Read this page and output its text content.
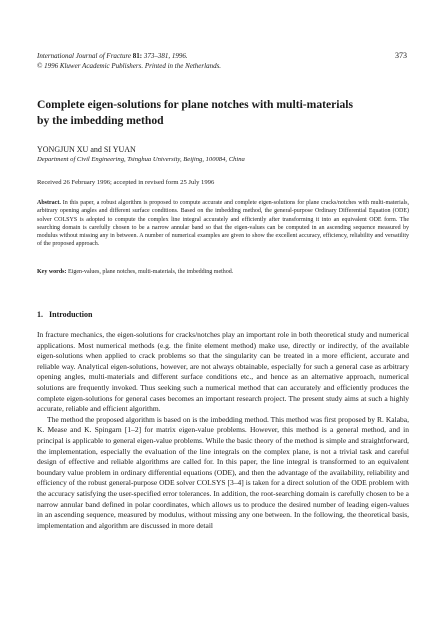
International Journal of Fracture 81: 373–381, 1996.
© 1996 Kluwer Academic Publishers. Printed in the Netherlands.
373
Complete eigen-solutions for plane notches with multi-materials
by the imbedding method
YONGJUN XU and SI YUAN
Department of Civil Engineering, Tsinghua University, Beijing, 100084, China
Received 26 February 1996; accepted in revised form 25 July 1996
Abstract. In this paper, a robust algorithm is proposed to compute accurate and complete eigen-solutions for plane cracks/notches with multi-materials, arbitrary opening angles and different surface conditions. Based on the imbedding method, the general-purpose Ordinary Differential Equation (ODE) solver COLSYS is adopted to compute the complex line integral accurately and efficiently after transforming it into an equivalent ODE form. The searching domain is carefully chosen to be a narrow annular band so that the eigen-values can be computed in an ascending sequence measured by modulus without missing any in between. A number of numerical examples are given to show the excellent accuracy, efficiency, reliability and versatility of the proposed approach.
Key words: Eigen-values, plane notches, multi-materials, the imbedding method.
1. Introduction

In fracture mechanics, the eigen-solutions for cracks/notches play an important role in both theoretical study and numerical applications. Most numerical methods (e.g. the finite element method) make use, directly or indirectly, of the available eigen-solutions when applied to crack problems so that the singularity can be treated in a more efficient, accurate and reliable way. Analytical eigen-solutions, however, are not always obtainable, especially for such a general case as arbitrary opening angles, multi-materials and different surface conditions etc., and hence as an alternative approach, numerical solutions are frequently invoked. Thus seeking such a numerical method that can accurately and efficiently produces the complete eigen-solutions for general cases becomes an important research project. The present study aims at such a highly accurate, reliable and efficient algorithm.

The method the proposed algorithm is based on is the imbedding method. This method was first proposed by R. Kalaba, K. Mease and K. Spingarn [1–2] for matrix eigen-value problems. However, this method is a general method, and in principal is applicable to general eigen-value problems. While the basic theory of the method is simple and straightforward, the implementation, especially the evaluation of the line integrals on the complex plane, is not a trivial task and careful design of effective and reliable algorithms are called for. In this paper, the line integral is transformed to an equivalent boundary value problem in ordinary differential equations (ODE), and then the advantage of the availability, reliability and efficiency of the robust general-purpose ODE solver COLSYS [3–4] is taken for a direct solution of the ODE problem with the accuracy satisfying the user-specified error tolerances. In addition, the root-searching domain is carefully chosen to be a narrow annular band defined in polar coordinates, which allows us to produce the desired number of leading eigen-values in an ascending sequence, measured by modulus, without missing any one between. In the following, the theoretical basis, implementation and algorithm are discussed in more detail
